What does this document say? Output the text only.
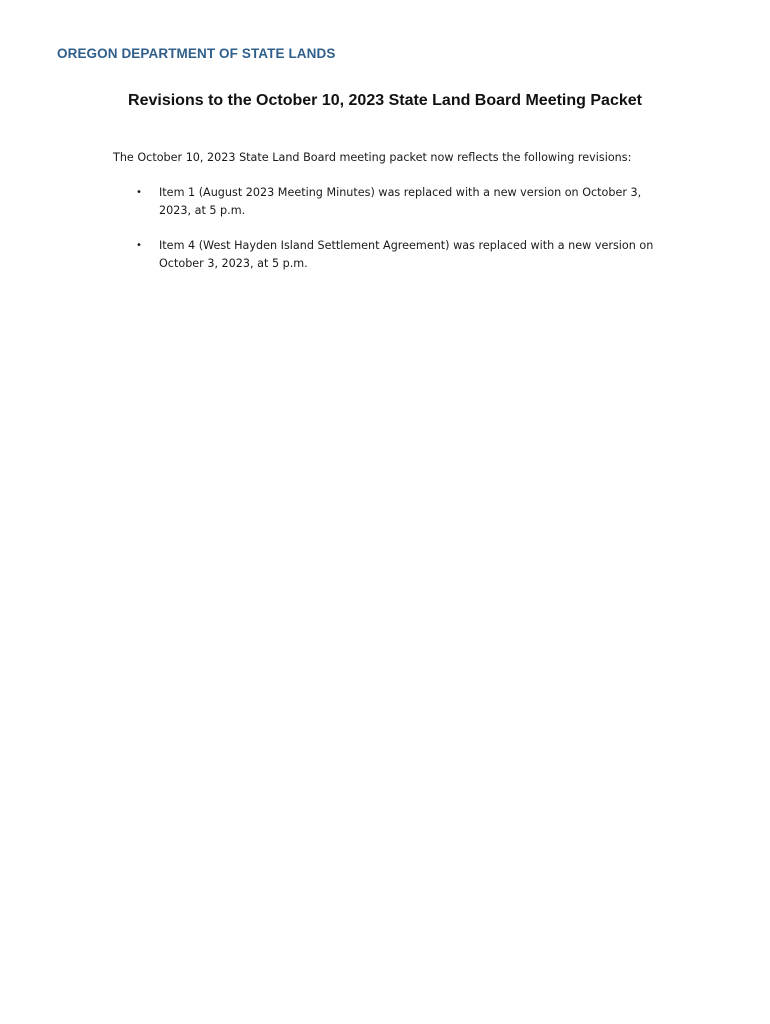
OREGON DEPARTMENT OF STATE LANDS

Revisions to the October 10, 2023 State Land Board Meeting Packet

The October 10, 2023 State Land Board meeting packet now reflects the following revisions:

• Item 1 (August 2023 Meeting Minutes) was replaced with a new version on October 3, 2023, at 5 p.m.
• Item 4 (West Hayden Island Settlement Agreement) was replaced with a new version on October 3, 2023, at 5 p.m.
